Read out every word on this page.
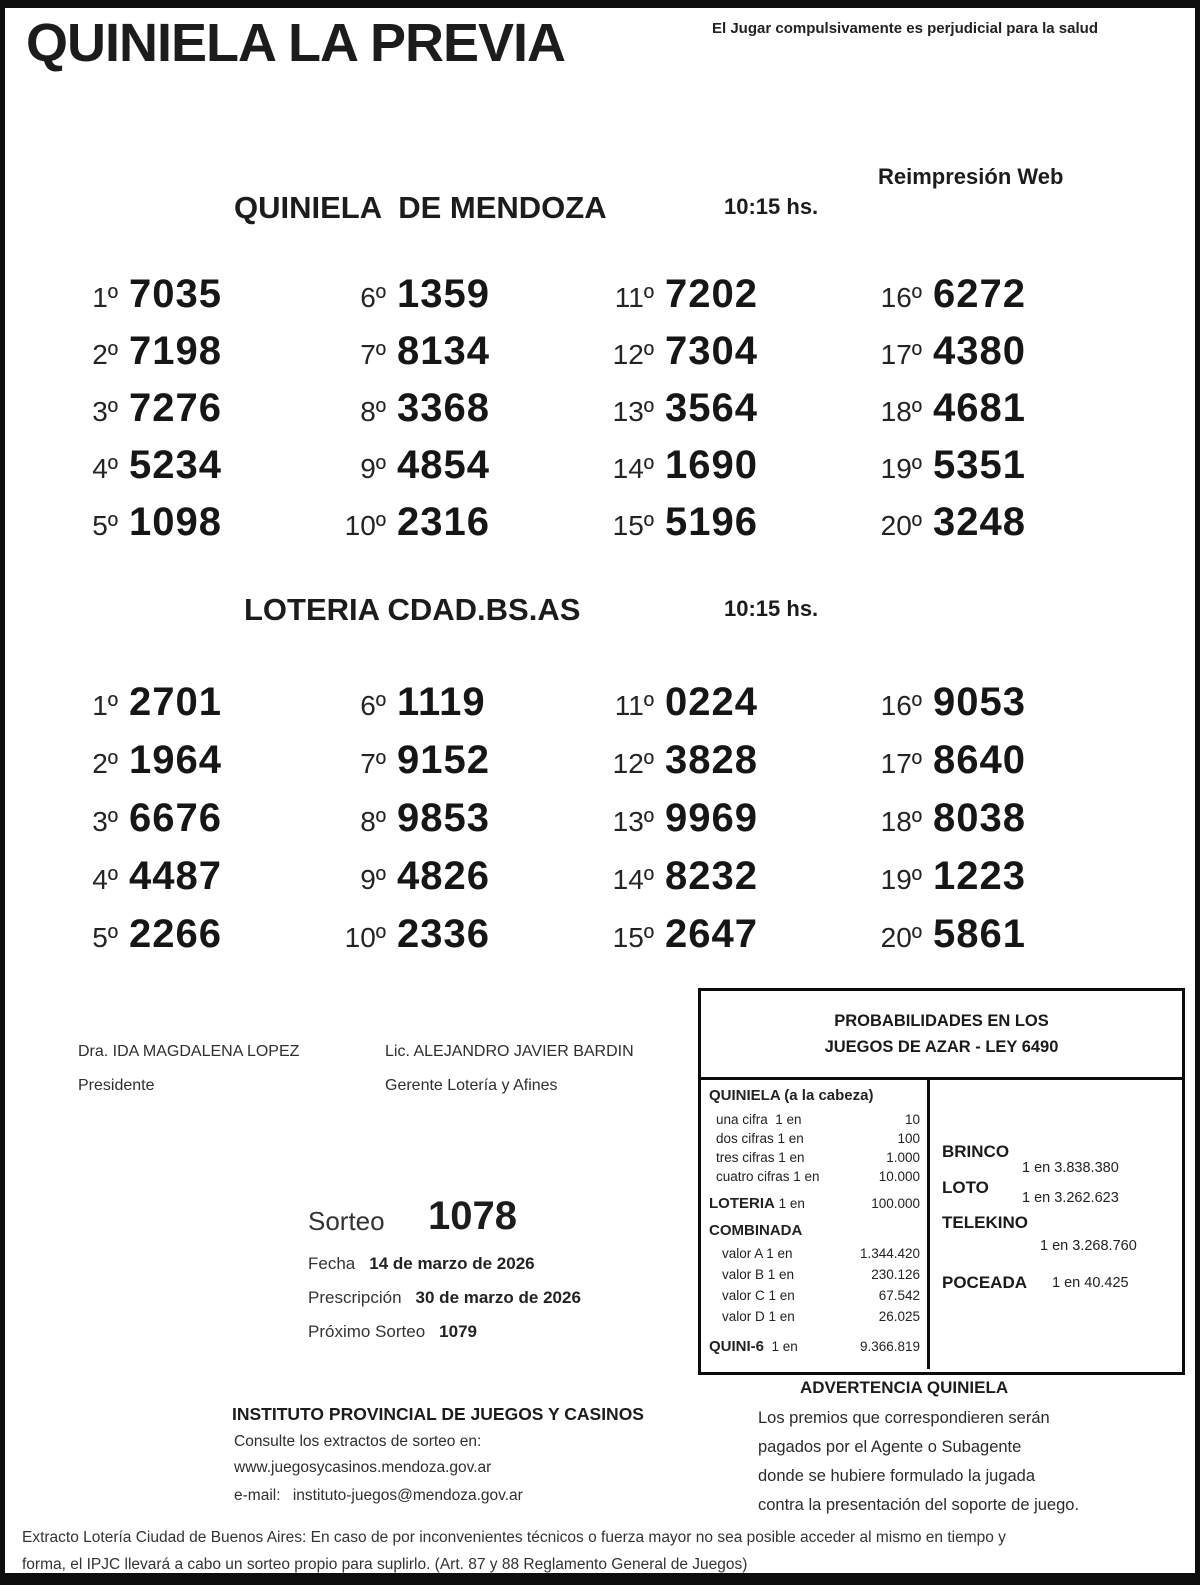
QUINIELA LA PREVIA	El Jugar compulsivamente es perjudicial para la salud
Reimpresión Web
QUINIELA  DE MENDOZA	10:15 hs.
1º 7035
2º 7198
3º 7276
4º 5234
5º 1098
6º 1359
7º 8134
8º 3368
9º 4854
10º 2316
11º 7202
12º 7304
13º 3564
14º 1690
15º 5196
16º 6272
17º 4380
18º 4681
19º 5351
20º 3248
LOTERIA CDAD.BS.AS	10:15 hs.
1º 2701
2º 1964
3º 6676
4º 4487
5º 2266
6º 1119
7º 9152
8º 9853
9º 4826
10º 2336
11º 0224
12º 3828
13º 9969
14º 8232
15º 2647
16º 9053
17º 8640
18º 8038
19º 1223
20º 5861
Dra. IDA MAGDALENA LOPEZ
Presidente
Lic. ALEJANDRO JAVIER BARDIN
Gerente Lotería y Afines
PROBABILIDADES EN LOS
JUEGOS DE AZAR - LEY 6490
QUINIELA (a la cabeza)
una cifra  1 en	10
dos cifras 1 en	100
tres cifras 1 en	1.000
cuatro cifras 1 en	10.000
LOTERIA 1 en	100.000
COMBINADA
valor A 1 en	1.344.420
valor B 1 en	230.126
valor C 1 en	67.542
valor D 1 en	26.025
QUINI-6  1 en	9.366.819
BRINCO
1 en 3.838.380
LOTO
1 en 3.262.623
TELEKINO
1 en 3.268.760
POCEADA 1 en 40.425
Sorteo 1078
Fecha 14 de marzo de 2026
Prescripción 30 de marzo de 2026
Próximo Sorteo 1079
ADVERTENCIA QUINIELA
Los premios que correspondieren serán
pagados por el Agente o Subagente
donde se hubiere formulado la jugada
contra la presentación del soporte de juego.
INSTITUTO PROVINCIAL DE JUEGOS Y CASINOS
Consulte los extractos de sorteo en:
www.juegosycasinos.mendoza.gov.ar
e-mail: instituto-juegos@mendoza.gov.ar
Extracto Lotería Ciudad de Buenos Aires: En caso de por inconvenientes técnicos o fuerza mayor no sea posible acceder al mismo en tiempo y
forma, el IPJC llevará a cabo un sorteo propio para suplirlo. (Art. 87 y 88 Reglamento General de Juegos)
